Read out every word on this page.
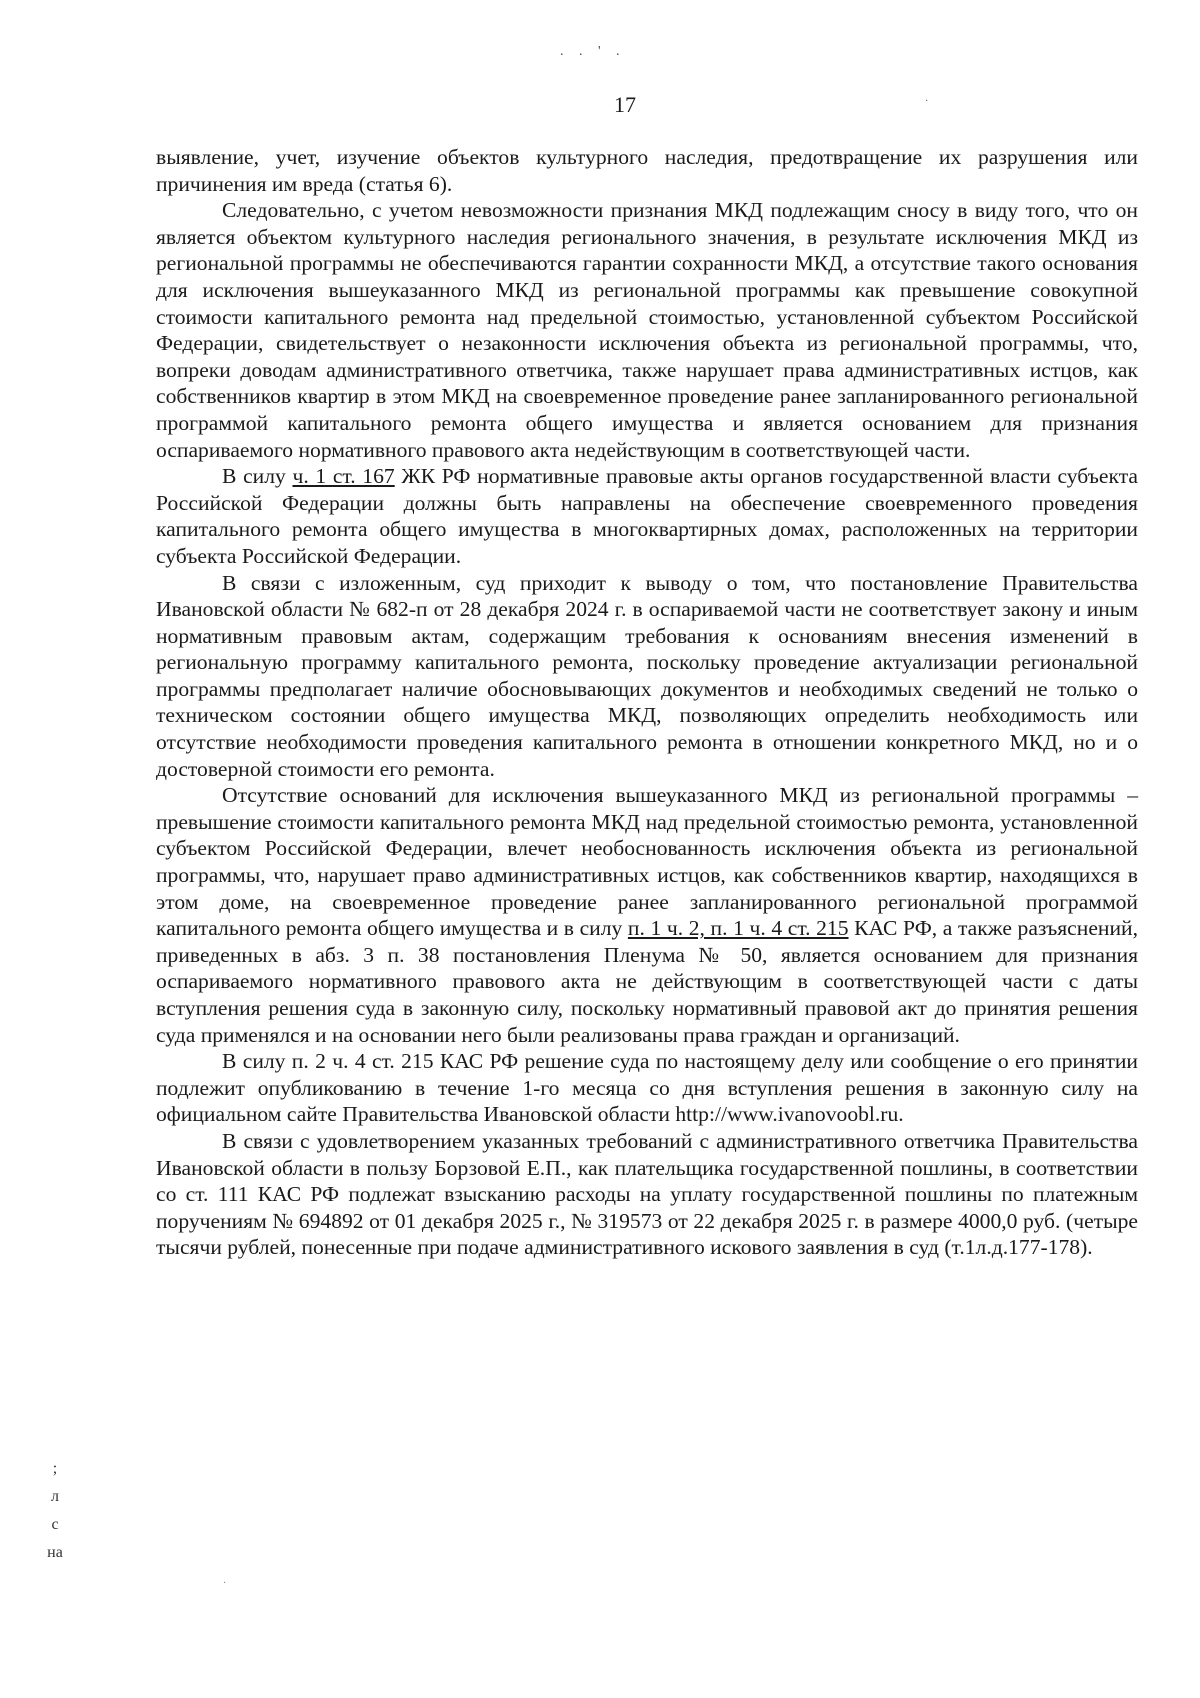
. . ' .
17	·

выявление, учет, изучение объектов культурного наследия, предотвращение их разрушения или причинения им вреда (статья 6).

Следовательно, с учетом невозможности признания МКД подлежащим сносу в виду того, что он является объектом культурного наследия регионального значения, в результате исключения МКД из региональной программы не обеспечиваются гарантии сохранности МКД, а отсутствие такого основания для исключения вышеуказанного МКД из региональной программы как превышение совокупной стоимости капитального ремонта над предельной стоимостью, установленной субъектом Российской Федерации, свидетельствует о незаконности исключения объекта из региональной программы, что, вопреки доводам административного ответчика, также нарушает права административных истцов, как собственников квартир в этом МКД на своевременное проведение ранее запланированного региональной программой капитального ремонта общего имущества и является основанием для признания оспариваемого нормативного правового акта недействующим в соответствующей части.

В силу ч. 1 ст. 167 ЖК РФ нормативные правовые акты органов государственной власти субъекта Российской Федерации должны быть направлены на обеспечение своевременного проведения капитального ремонта общего имущества в многоквартирных домах, расположенных на территории субъекта Российской Федерации.

В связи с изложенным, суд приходит к выводу о том, что постановление Правительства Ивановской области № 682-п от 28 декабря 2024 г. в оспариваемой части не соответствует закону и иным нормативным правовым актам, содержащим требования к основаниям внесения изменений в региональную программу капитального ремонта, поскольку проведение актуализации региональной программы предполагает наличие обосновывающих документов и необходимых сведений не только о техническом состоянии общего имущества МКД, позволяющих определить необходимость или отсутствие необходимости проведения капитального ремонта в отношении конкретного МКД, но и о достоверной стоимости его ремонта.

Отсутствие оснований для исключения вышеуказанного МКД из региональной программы – превышение стоимости капитального ремонта МКД над предельной стоимостью ремонта, установленной субъектом Российской Федерации, влечет необоснованность исключения объекта из региональной программы, что, нарушает право административных истцов, как собственников квартир, находящихся в этом доме, на своевременное проведение ранее запланированного региональной программой капитального ремонта общего имущества и в силу п. 1 ч. 2, п. 1 ч. 4 ст. 215 КАС РФ, а также разъяснений, приведенных в абз. 3 п. 38 постановления Пленума № 50, является основанием для признания оспариваемого нормативного правового акта не действующим в соответствующей части с даты вступления решения суда в законную силу, поскольку нормативный правовой акт до принятия решения суда применялся и на основании него были реализованы права граждан и организаций.

В силу п. 2 ч. 4 ст. 215 КАС РФ решение суда по настоящему делу или сообщение о его принятии подлежит опубликованию в течение 1-го месяца со дня вступления решения в законную силу на официальном сайте Правительства Ивановской области http://www.ivanovoobl.ru.

В связи с удовлетворением указанных требований с административного ответчика Правительства Ивановской области в пользу Борзовой Е.П., как плательщика государственной пошлины, в соответствии со ст. 111 КАС РФ подлежат взысканию расходы на уплату государственной пошлины по платежным поручениям № 694892 от 01 декабря 2025 г., № 319573 от 22 декабря 2025 г. в размере 4000,0 руб. (четыре тысячи рублей, понесенные при подаче административного искового заявления в суд (т.1л.д.177-178).

;
л
с
на
·
